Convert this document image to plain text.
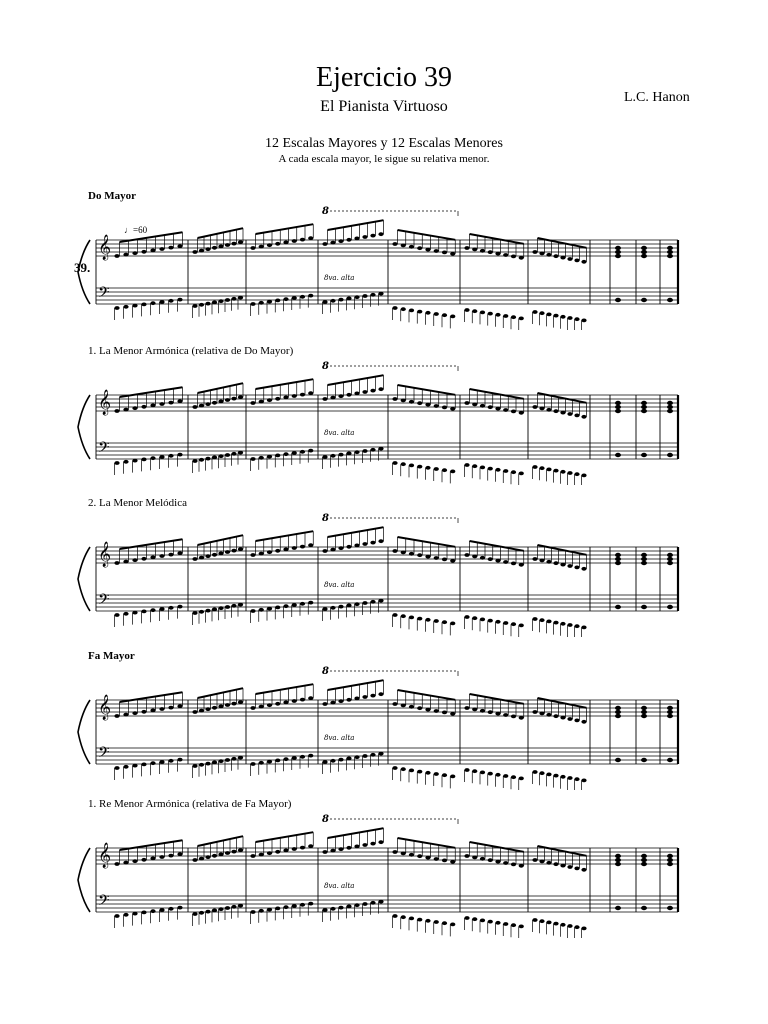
Ejercicio 39
El Pianista Virtuoso
L.C. Hanon
12 Escalas Mayores y 12 Escalas Menores
A cada escala mayor, le sigue su relativa menor.
Do Mayor
1. La Menor Armónica (relativa de Do Mayor)
2. La Menor Melódica
Fa Mayor
1. Re Menor Armónica (relativa de Fa Mayor)
39.
♩=60
𝄞
𝄢
8
8va. alta
𝄞
𝄢
8
8va. alta
𝄞
𝄢
8
8va. alta
𝄞
𝄢
8
8va. alta
𝄞
𝄢
8
8va. alta
